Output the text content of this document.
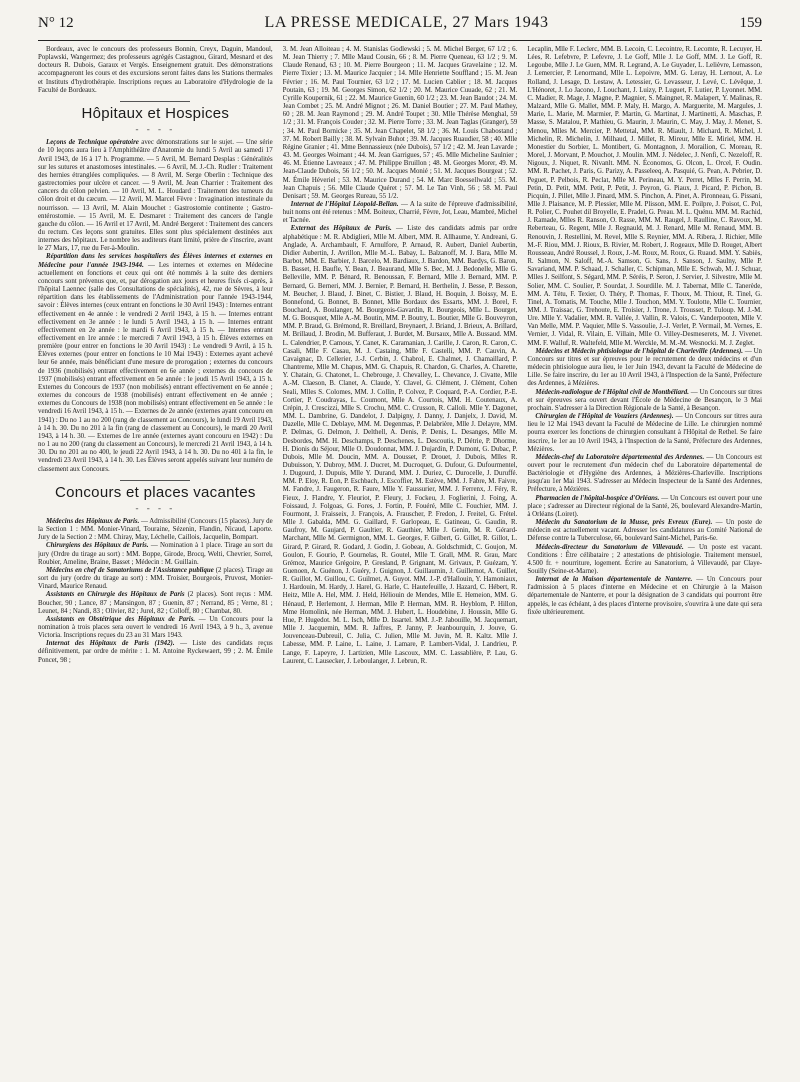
N° 12	LA PRESSE MEDICALE, 27 Mars 1943	159

Bordeaux, avec le concours des professeurs Bonnin, Creyx, Daguin, Mandoul, Poplawski, Wangermez; des professeurs agrégés Castagnou, Girard, Mesnard et des docteurs R. Dubois, Garaux et Vergès. Enseignement gratuit. Des démonstrations accompagneront les cours et des excursions seront faites dans les Stations thermales et Instituts d'hydrothérapie. Inscriptions reçues au Laboratoire d'Hydrologie de la Faculté de Bordeaux.

Hôpitaux et Hospices
- - - -

Leçons de Technique opératoire avec démonstrations sur le sujet. — Une série de 10 leçons aura lieu à l'Amphithéâtre d'Anatomie du lundi 5 Avril au samedi 17 Avril 1943, de 16 à 17 h. Programme. — 5 Avril, M. Bernard Desplas : Généralités sur les sutures et anastomoses intestinales. — 6 Avril, M. J.-Ch. Rudler : Traitement des hernies étranglées compliquées. — 8 Avril, M. Serge Oberlin : Technique des gastrectomies pour ulcère et cancer. — 9 Avril, M. Jean Charrier : Traitement des cancers du côlon pelvien. — 10 Avril, M. L. Houdard : Traitement des tumeurs du côlon droit et du cæcum. — 12 Avril, M. Marcel Fèvre : Invagination intestinale du nourrisson. — 13 Avril, M. Alain Mouchet : Gastrostomie continente ; Gastro-entérostomie. — 15 Avril, M. E. Desmaret : Traitement des cancers de l'angle gauche du côlon. — 16 Avril et 17 Avril, M. André Bergeret : Traitement des cancers du rectum. Ces leçons sont gratuites. Elles sont plus spécialement destinées aux internes des hôpitaux. Le nombre les auditeurs étant limité, prière de s'inscrire, avant le 27 Mars, 17, rue du Fer-à-Moulin.

Répartition dans les services hospitaliers des Élèves internes et externes en Médecine pour l'année 1943-1944. — Les internes et externes en Médecine actuellement en fonctions et ceux qui ont été nommés à la suite des derniers concours sont prévenus que, et, par dérogation aux jours et heures fixés ci-après, à l'hôpital Laennec (salle des Consultations de spécialités), 42, rue de Sèvres, à leur répartition dans les établissements de l'Administration pour l'année 1943-1944, savoir : Élèves internes (ceux entrant en fonctions le 30 Avril 1943) : Internes entrant effectivement en 4e année : le vendredi 2 Avril 1943, à 15 h. — Internes entrant effectivement en 3e année : le lundi 5 Avril 1943, à 15 h. — Internes entrant effectivement en 2e année : le mardi 6 Avril 1943, à 15 h. — Internes entrant effectivement en 1re année : le mercredi 7 Avril 1943, à 15 h. Élèves externes en première (pour entrer en fonctions le 30 Avril 1943) : Le vendredi 9 Avril, à 15 h. Élèves externes (pour entrer en fonctions le 10 Mai 1943) : Externes ayant achevé leur 6e année, mais bénéficiant d'une mesure de prorogation ; externes du concours de 1936 (mobilisés) entrant effectivement en 6e année ; externes du concours de 1937 (mobilisés) entrant effectivement en 5e année : le jeudi 15 Avril 1943, à 15 h. Externes du Concours de 1937 (non mobilisés) entrant effectivement en 6e année ; externes du concours de 1938 (mobilisés) entrant effectivement en 4e année ; externes du Concours de 1938 (non mobilisés) entrant effectivement en 5e année : le vendredi 16 Avril 1943, à 15 h. — Externes de 2e année (externes ayant concouru en 1941) : Du no 1 au no 200 (rang de classement au Concours), le lundi 19 Avril 1943, à 14 h. 30. Du no 201 à la fin (rang de classement au Concours), le mardi 20 Avril 1943, à 14 h. 30. — Externes de 1re année (externes ayant concouru en 1942) : Du no 1 au no 200 (rang du classement au Concours), le mercredi 21 Avril 1943, à 14 h. 30. Du no 201 au no 400, le jeudi 22 Avril 1943, à 14 h. 30. Du no 401 à la fin, le vendredi 23 Avril 1943, à 14 h. 30. Les Élèves seront appelés suivant leur numéro de classement aux Concours.

Concours et places vacantes
- - - -

Médecins des Hôpitaux de Paris. — Admissibilité (Concours (15 places). Jury de la Section 1 : MM. Monier-Vinard, Touraine, Sézenin, Flandin, Nicaud, Laporte. Jury de la Section 2 : MM. Chiray, May, Léchelle, Caillois, Jacquelin, Bompart.

Chirurgiens des Hôpitaux de Paris. — Nomination à 1 place. Tirage au sort du jury (Ordre du tirage au sort) : MM. Boppe, Girode, Brocq, Welti, Chevrier, Sorrel, Roubier, Ameline, Braine, Basset ; Médecin : M. Guillain.

Médecins en chef de Sanatoriums de l'Assistance publique (2 places). Tirage au sort du jury (ordre du tirage au sort) : MM. Troisier, Bourgeois, Pruvost, Monier-Vinard, Maurice Renaud.

Assistants en Chirurgie des Hôpitaux de Paris (2 places). Sont reçus : MM. Boucher, 90 ; Lance, 87 ; Mansingon, 87 ; Guenin, 87 ; Nerrand, 85 ; Verne, 81 ; Leunet, 84 ; Nandi, 83 ; Olivier, 82 ; Jurel, 82 ; Colloff, 80 ; Chambat, 80.

Assistants en Obstétrique des Hôpitaux de Paris. — Un Concours pour la nomination à trois places sera ouvert le vendredi 16 Avril 1943, à 9 h., 3, avenue Victoria. Inscriptions reçues du 23 au 31 Mars 1943.

Internat des Hôpitaux de Paris (1942). — Liste des candidats reçus définitivement, par ordre de mérite : 1. M. Antoine Ryckewaert, 99 ; 2. M. Émile Poncet, 98 ;

3. M. Jean Alloiteau ; 4. M. Stanislas Godlewski ; 5. M. Michel Berger, 67 1/2 ; 6. M. Jean Thierry ; 7. Mlle Maud Cousin, 66 ; 8. M. Pierre Queneau, 63 1/2 ; 9. M. Claude Renaud, 63 ; 10. M. Pierre Bourgeon ; 11. M. Jacques Gravelaine ; 12. M. Pierre Tixier ; 13. M. Maurice Jacquier ; 14. Mlle Henriette Souffland ; 15. M. Jean Février ; 16. M. Paul Tournier, 63 1/2 ; 17. M. Lucien Cablier ; 18. M. Jacques Poutain, 63 ; 19. M. Georges Simon, 62 1/2 ; 20. M. Maurice Cuuade, 62 ; 21. M. Cyrille Koupernik, 61 ; 22. M. Maurice Guenin, 60 1/2 ; 23. M. Jean Baudot ; 24. M. Jean Combet ; 25. M. André Mignot ; 26. M. Daniel Boutier ; 27. M. Paul Mathey, 60 ; 28. M. Jean Raymond ; 29. M. André Toupet ; 30. Mlle Thérèse Menghal, 59 1/2 ; 31. M. François Couder ; 32. M. Pierre Torre ; 33. M. Jean Taglas (Granger), 59 ; 34. M. Paul Bornicke ; 35. M. Jean Chapelet, 58 1/2 ; 36. M. Louis Chabostand ; 37. M. Robert Bailly ; 38. M. Sylvain Buhot ; 39. M. Jacques Ruaudier, 58 ; 40. Mlle Régine Granier ; 41. Mme Bennassieux (née Dubois), 57 1/2 ; 42. M. Jean Lavarde ; 43. M. Georges Woimant ; 44. M. Jean Garrigues, 57 ; 45. Mlle Micheline Saulnier ; 46. M. Étienne Lavreaux ; 47. M. Philippe Bruillon ; 48. M. Georges Morer, 49. M. Jean-Claude Dubois, 56 1/2 ; 50. M. Jacques Monié ; 51. M. Jacques Bourgeat ; 52. M. Émile Héveriel ; 53. M. Maurice Durand ; 54. M. Marc Boessellwald ; 55. M. Jean Chapuis ; 56. Mlle Claude Quéret ; 57. M. Le Tan Vinh, 56 ; 58. M. Paul Denisart ; 59. M. Georges Rureau, 55 1/2.

Internat de l'Hôpital Léopold-Bellan. — A la suite de l'épreuve d'admissibilité, huit noms ont été retenus : MM. Boiteux, Charrié, Fèvre, Jot, Leau, Mambré, Michel et Tacnée.

Externat des Hôpitaux de Paris. — Liste des candidats admis par ordre alphabétique : M. R. Abdiglieri, Mlle M. Albert, MM. R. Allhaume, Y. Andreani, G. Anglade, A. Archambault, F. Arnulfore, P. Arnaud, R. Aubert, Daniel Aubertin, Didier Aubertin, J. Avrillon, Mlle M.-L. Babay, L. Balzanoff, M. J. Bara, Mlle M. Barbot, MM. E. Barbier, J. Barcelo, M. Bardiaux, J. Bardon, MM. Bardys, G. Baron, B. Basset, H. Baufle, Y. Bean, J. Beaurand, Mlle S. Bec, M. J. Bedonelle, Mlle G. Belleville, MM. P. Bénard, R. Benoussan, F. Bernard, Mlle J. Bernard, MM. P. Bernard, G. Berneri, MM. J. Bernier, P. Bernard, H. Berthelin, J. Besse, P. Besson, M. Beucher, J. Blaud, J. Binet, C. Bistier, J. Blaud, H. Boquin, J. Boissy, M. E. Bonnefond, G. Bonnet, B. Bonnet, Mlle Bordaux des Essarts, MM. J. Borel, F. Bouchard, A. Boulanger, M. Bourgeois-Gavardin, R. Bourgeois, Mlle L. Bourget, M. G. Bousquet, Mlle A.-M. Boutin, MM. P. Boutry, L. Boutier, Mlle G. Bouveyron, MM. P. Braud, G. Brémond, R. Breillard, Breynaert, J. Briand, J. Brieux, A. Brillard, M. Brillaud, J. Brodin, M. Bufferaut, J. Burdet, M. Bursaux, Mlle A. Bussaud. MM. L. Calendrier, P. Camous, Y. Canet, K. Caramanian, J. Carille, J. Caron, R. Caron, C. Casali, Mlle F. Casau, M. J. Castaing, Mlle F. Castelli, MM. P. Cauvin, A. Cavaignac, D. Cellerier, J.-J. Cerbin, J. Chabrol, E. Chalmet, J. Chamaillard, P. Chantreme, Mlle M. Chapus, MM. G. Chapuis, R. Chardon, G. Charles, A. Charette, Y. Chatain, G. Chatonet, L. Chebrouge, J. Chevalley, L. Chevance, J. Civatte, Mlle A.-M. Claeson, B. Clanet, A. Claude, Y. Clavel, G. Clément, J. Clément, Cohen Seali, Mlles S. Colomes, MM. J. Collin, P. Colvez, P. Coquard, P.-A. Cordier, P.-E. Cortier, P. Coudrayas, L. Coumont, Mlle A. Courtois, MM. H. Coutenaux, A. Crépin, J. Crescizzi, Mlle S. Crochu, MM. C. Crusson, R. Calloli. Mlle Y. Dagonet, MM. L. Dambrine, G. Dandelot, J. Dalpigny, J. Danny, J. Danjelx, J. David, M. Dazelle, Mlle C. Deblaye, MM. M. Degenmas, P. Delabrière, Mlle J. Delayre, MM. P. Delmas, G. Delmon, J. Delthell, A. Denis, P. Denis, L. Desanges, Mlle M. Desbordes, MM. H. Deschamps, P. Deschenes, L. Descoutis, P. Détrie, P. Dhorme, H. Dionis du Séjour, Mlle O. Doudonnat, MM. J. Dujardin, P. Dumont, G. Dubac, P. Dubois, Mlle M. Doucin, MM. A. Dousset, P. Drouet, J. Dubois, Mlles R. Dubuisson, Y. Dubroy, MM. J. Ducret, M. Ducroquet, G. Dufour, G. Dufourmentel, J. Dugourd, J. Dupuis, Mlle Y. Durand, MM. J. Duriez, C. Durocelle, J. Duruffé. MM. P. Eloy, R. Eon, P. Eschbach, J. Escoffier, M. Estève, MM. J. Fabre, M. Faivre, M. Fandre, J. Faugeron, R. Faure, Mlle Y. Faussurier, MM. J. Ferrenx, J. Féry, R. Fieux, J. Flandre, Y. Fleuriot, P. Fleury, J. Fockeu, J. Foglierini, J. Foing, A. Foissaud, J. Folgoas, G. Fores, J. Fortin, P. Fouéré, Mlle C. Fouchier, MM. J. Fourmont, J. Fraisseix, J. François, A. Frauscher, P. Fredon, J. Freitel, G. Frétel. Mlle J. Gabalda, MM. G. Gaillard, F. Garlopeau, E. Gatineau, G. Gaudin, R. Gaufroy, M. Gaujard, P. Gaultier, R. Gauthier, Mlle J. Genin, M. R. Gérard-Marchant, Mlle M. Germignon, MM. L. Georges, F. Gilbert, G. Gillet, R. Gillot, L. Girard, P. Girard, R. Godard, J. Godin, J. Gobeau, A. Goldschmidt, C. Goujon, M. Goulon, F. Gourio, P. Gournelas, R. Goutel, Mlle T. Grall, MM. R. Grau, Marc Grémoz, Maurice Grégoire, P. Gresland, P. Grignant, M. Grivaux, P. Guézam, Y. Guenoen, A. Guénon, J. Guéry, J. Guignon, J. Guillaumin, J. Guillemot, A. Guillet, R. Guillot, M. Guillou, C. Guilmet, A. Guyot. MM. J.-P. d'Hallouin, Y. Hamoniaux, J. Hardouin, M. Hardy, J. Harel, G. Harle, C. Hautefeuille, J. Hazard, C. Hébert, R. Heitz, Mlle A. Hel, MM. J. Held, Héliouin de Mendes, Mlle E. Hemeion, MM. G. Hénaud, P. Herlemont, J. Herman, Mlle P. Herman, MM. R. Heyblom, P. Hillon, Mme Homolink, née Herman, MM. J. Hubert, L. Houdebine, J. Houssin, Mlle G. Hue, P. Hugedot. M. L. Isch, Mlle D. Issartel. MM. J.-P. Jabouille, M. Jacquemart, Mlle J. Jacquemin, MM. R. Jaffres, P. Janny, P. Jeanbourquin, J. Jouve, G. Jouvenceau-Dubreuil, C. Julia, C. Julien, Mlle M. Juvin, M. R. Kaltz. Mlle J. Labesse, MM. P. Laine, L. Laine, J. Lamare, P. Lambert-Vidal, J. Landrieu, P. Lange, F. Lapeyre, J. Lartizien, Mlle Lascoux, MM. C. Lassablière, P. Lau, G. Laurent, C. Lausecker, J. Leboulanger, J. Lebrun, R.

Lecaplin, Mlle F. Leclerc, MM. B. Lecoin, C. Lecointre, R. Lecomte, R. Lecuyer, H. Lées, R. Lefebvre, P. Lefevre, J. Le Goff, Mlle J. Le Goff, MM. J. Le Goff, R. Legoube, Mlle J. Le Guen, MM. R. Legrand, A. Le Guyader, L. Lelièvre, Lemasson, J. Lemercier, P. Lenormand, Mlle L. Lepoivre, MM. G. Leray, H. Lernout, A. Le Rolland, J. Lesage, D. Lestaw, A. Letessier, G. Levasseur, J. Levé, C. Lévêque, J. L'Hénoret, J. Lo Jacono, J. Louchant, J. Luizy, P. Luguet, F. Lutier, P. Lyonnet. MM. C. Madier, R. Mage, J. Magne, P. Magnier, S. Maingnet, R. Malapert, Y. Malinas, R. Malzard, Mlle G. Mallet, MM. P. Maly, H. Margo, A. Marguerite, M. Margules, J. Marie, L. Marie, M. Marmier, P. Martin, G. Martinat, J. Martinetti, A. Maschas, P. Masse, S. Matalou, P. Mathieu, G. Maurin, J. Maurin, C. May, J. May, J. Menet, S. Menou, Mlles M. Mercier, P. Mettetal, MM. R. Miault, J. Michard, R. Michel, J. Michelin, R. Michelin, J. Milhaud, J. Millet, R. Mireur, Mlle E. Miriel, MM. H. Monestier du Sorbier, L. Montibert, G. Montagnon, J. Morailion, C. Moreau, R. Morel, J. Morvant, P. Mouchot, J. Moulin. MM. J. Nédelec, J. Nenfi, C. Nezeloff, R. Nigoux, J. Niquet, R. Nivanlt. MM. N. Économos, G. Olcon, L. Orcel, F. Oudin. MM. R. Pachet, J. Paris, G. Parizy, A. Passeleeq, A. Pasquié, G. Pean, A. Pebrier, D. Peguet, P. Pelbois, R. Peclat, Mlle M. Perineau, M. Y. Perret, Mlles F. Perrin, M. Petin, D. Petit, MM. Petit, P. Petit, J. Peyron, G. Piaux, J. Picard, P. Pichon, B. Picquin, J. Pillet, Mlle J. Pinard, MM. S. Pinchon, A. Pinet, A. Pironneau, G. Pissani, Mlle J. Plaisance, M. P. Plessier, Mlle M. Plisson, MM. E. Poilpre, J. Poisot, C. Pol, R. Polier, C. Pouhet dil Broyelle, E. Pradel, G. Preau. M. L. Quénu. MM. M. Rachid, J. Ramade, Mlles R. Ranson, O. Rasse, MM. M. Raugel, J. Raulline, C. Ravoux, M. Reberteau, G. Regent, Mlle J. Regnauld, M. J. Renard, Mlle M. Renaud, MM. B. Renouvin, J. Restellini, M. Revel, Mlle S. Reynier, MM. A. Ribera, J. Richier, Mlle M.-F. Riou, MM. J. Rioux, B. Rivier, M. Robert, J. Rogeaux, Mlle D. Rouget, Albert Rousseau, André Roussel, J. Roux, J.-M. Roux, M. Roux, G. Ruaud. MM. Y. Sabiès, R. Salmon, N. Saloff, M.-A. Samson, G. Sans, J. Sanson, J. Saulny, Mlle P. Savariand, MM. P. Schaad, J. Schaller, C. Schipman, Mlle E. Schwab, M. J. Schuar, Mlles J. Seilfont, S. Ségard, MM. P. Séréis, P. Seron, J. Servier, J. Silvestre, Mlle M. Solier, MM. C. Soulier, P. Sourdat, J. Sourdille. M. J. Tabernat, Mlle C. Tanerède, MM. A. Tétu, F. Texier, O. Théry, P. Thomas, F. Thoux, M. Thiout, R. Tinel, G. Tinel, A. Tomatis, M. Touche, Mlle J. Touchon, MM. Y. Toulotte, Mlle C. Tournier, MM. J. Traissac, G. Trehoute, E. Troisier, J. Trone, J. Trousset, P. Tuloup. M. J.-M. Ure. Mlle Y. Vadalier, MM. R. Vallée, J. Vallin, R. Valois, C. Vanderpooten, Mlle V. Van Melle, MM. P. Vaquier, Mlle S. Vassoulie, J.-J. Verlet, P. Vermail, M. Vernes, E. Vernier, J. Vidal, R. Vilain, E. Villain, Mlle O. Villey-Desmeserets, M. J. Vivenet. MM. F. Walluf, R. Waltefeld, Mlle M. Werckle, M. M.-M. Wesnocki. M. J. Zeglet.

Médecins et Médecin phtisiologue de l'hôpital de Charleville (Ardennes). — Un Concours sur titres et sur épreuves pour le recrutement de deux médecins et d'un médecin phtisiologue aura lieu, le 1er Juin 1943, devant la Faculté de Médecine de Lille. Se faire inscrire, du 1er au 10 Avril 1943, à l'Inspection de la Santé, Préfecture des Ardennes, à Mézières.

Médecin-radiologue de l'Hôpital civil de Montbéliard. — Un Concours sur titres et sur épreuves sera ouvert devant l'École de Médecine de Besançon, le 3 Mai prochain. S'adresser à la Direction Régionale de la Santé, à Besançon.

Chirurgien de l'Hôpital de Vouziers (Ardennes). — Un Concours sur titres aura lieu le 12 Mai 1943 devant la Faculté de Médecine de Lille. Le chirurgien nommé pourra exercer les fonctions de chirurgien consultant à l'Hôpital de Rethel. Se faire inscrire, le 1er au 10 Avril 1943, à l'Inspection de la Santé, Préfecture des Ardennes, Mézières.

Médecin-chef du Laboratoire départemental des Ardennes. — Un Concours est ouvert pour le recrutement d'un médecin chef du Laboratoire départemental de Bactériologie et d'Hygiène des Ardennes, à Mézières-Charleville. Inscriptions jusqu'au 1er Mai 1943. S'adresser au Médecin Inspecteur de la Santé des Ardennes, Préfecture, à Mézières.

Pharmacien de l'hôpital-hospice d'Orléans. — Un Concours est ouvert pour une place ; s'adresser au Directeur régional de la Santé, 26, boulevard Alexandre-Martin, à Orléans (Loiret).

Médecin du Sanatorium de la Musse, près Evreux (Eure). — Un poste de médecin est actuellement vacant. Adresser les candidatures au Comité National de Défense contre la Tuberculose, 66, boulevard Saint-Michel, Paris-6e.

Médecin-directeur du Sanatorium de Villevaudé. — Un poste est vacant. Conditions : Être célibataire ; 2 attestations de phtisiologie. Traitement mensuel, 4.500 fr. + nourriture, logement. Écrire au Sanatorium, à Villevaudé, par Claye-Souilly (Seine-et-Marne).

Internat de la Maison départementale de Nanterre. — Un Concours pour l'admission à 5 places d'interne en Médecine et en Chirurgie à la Maison départementale de Nanterre, et pour la désignation de 3 candidats qui pourront être appelés, le cas échéant, à des places d'interne provisoire, s'ouvrira à une date qui sera fixée ultérieurement.
